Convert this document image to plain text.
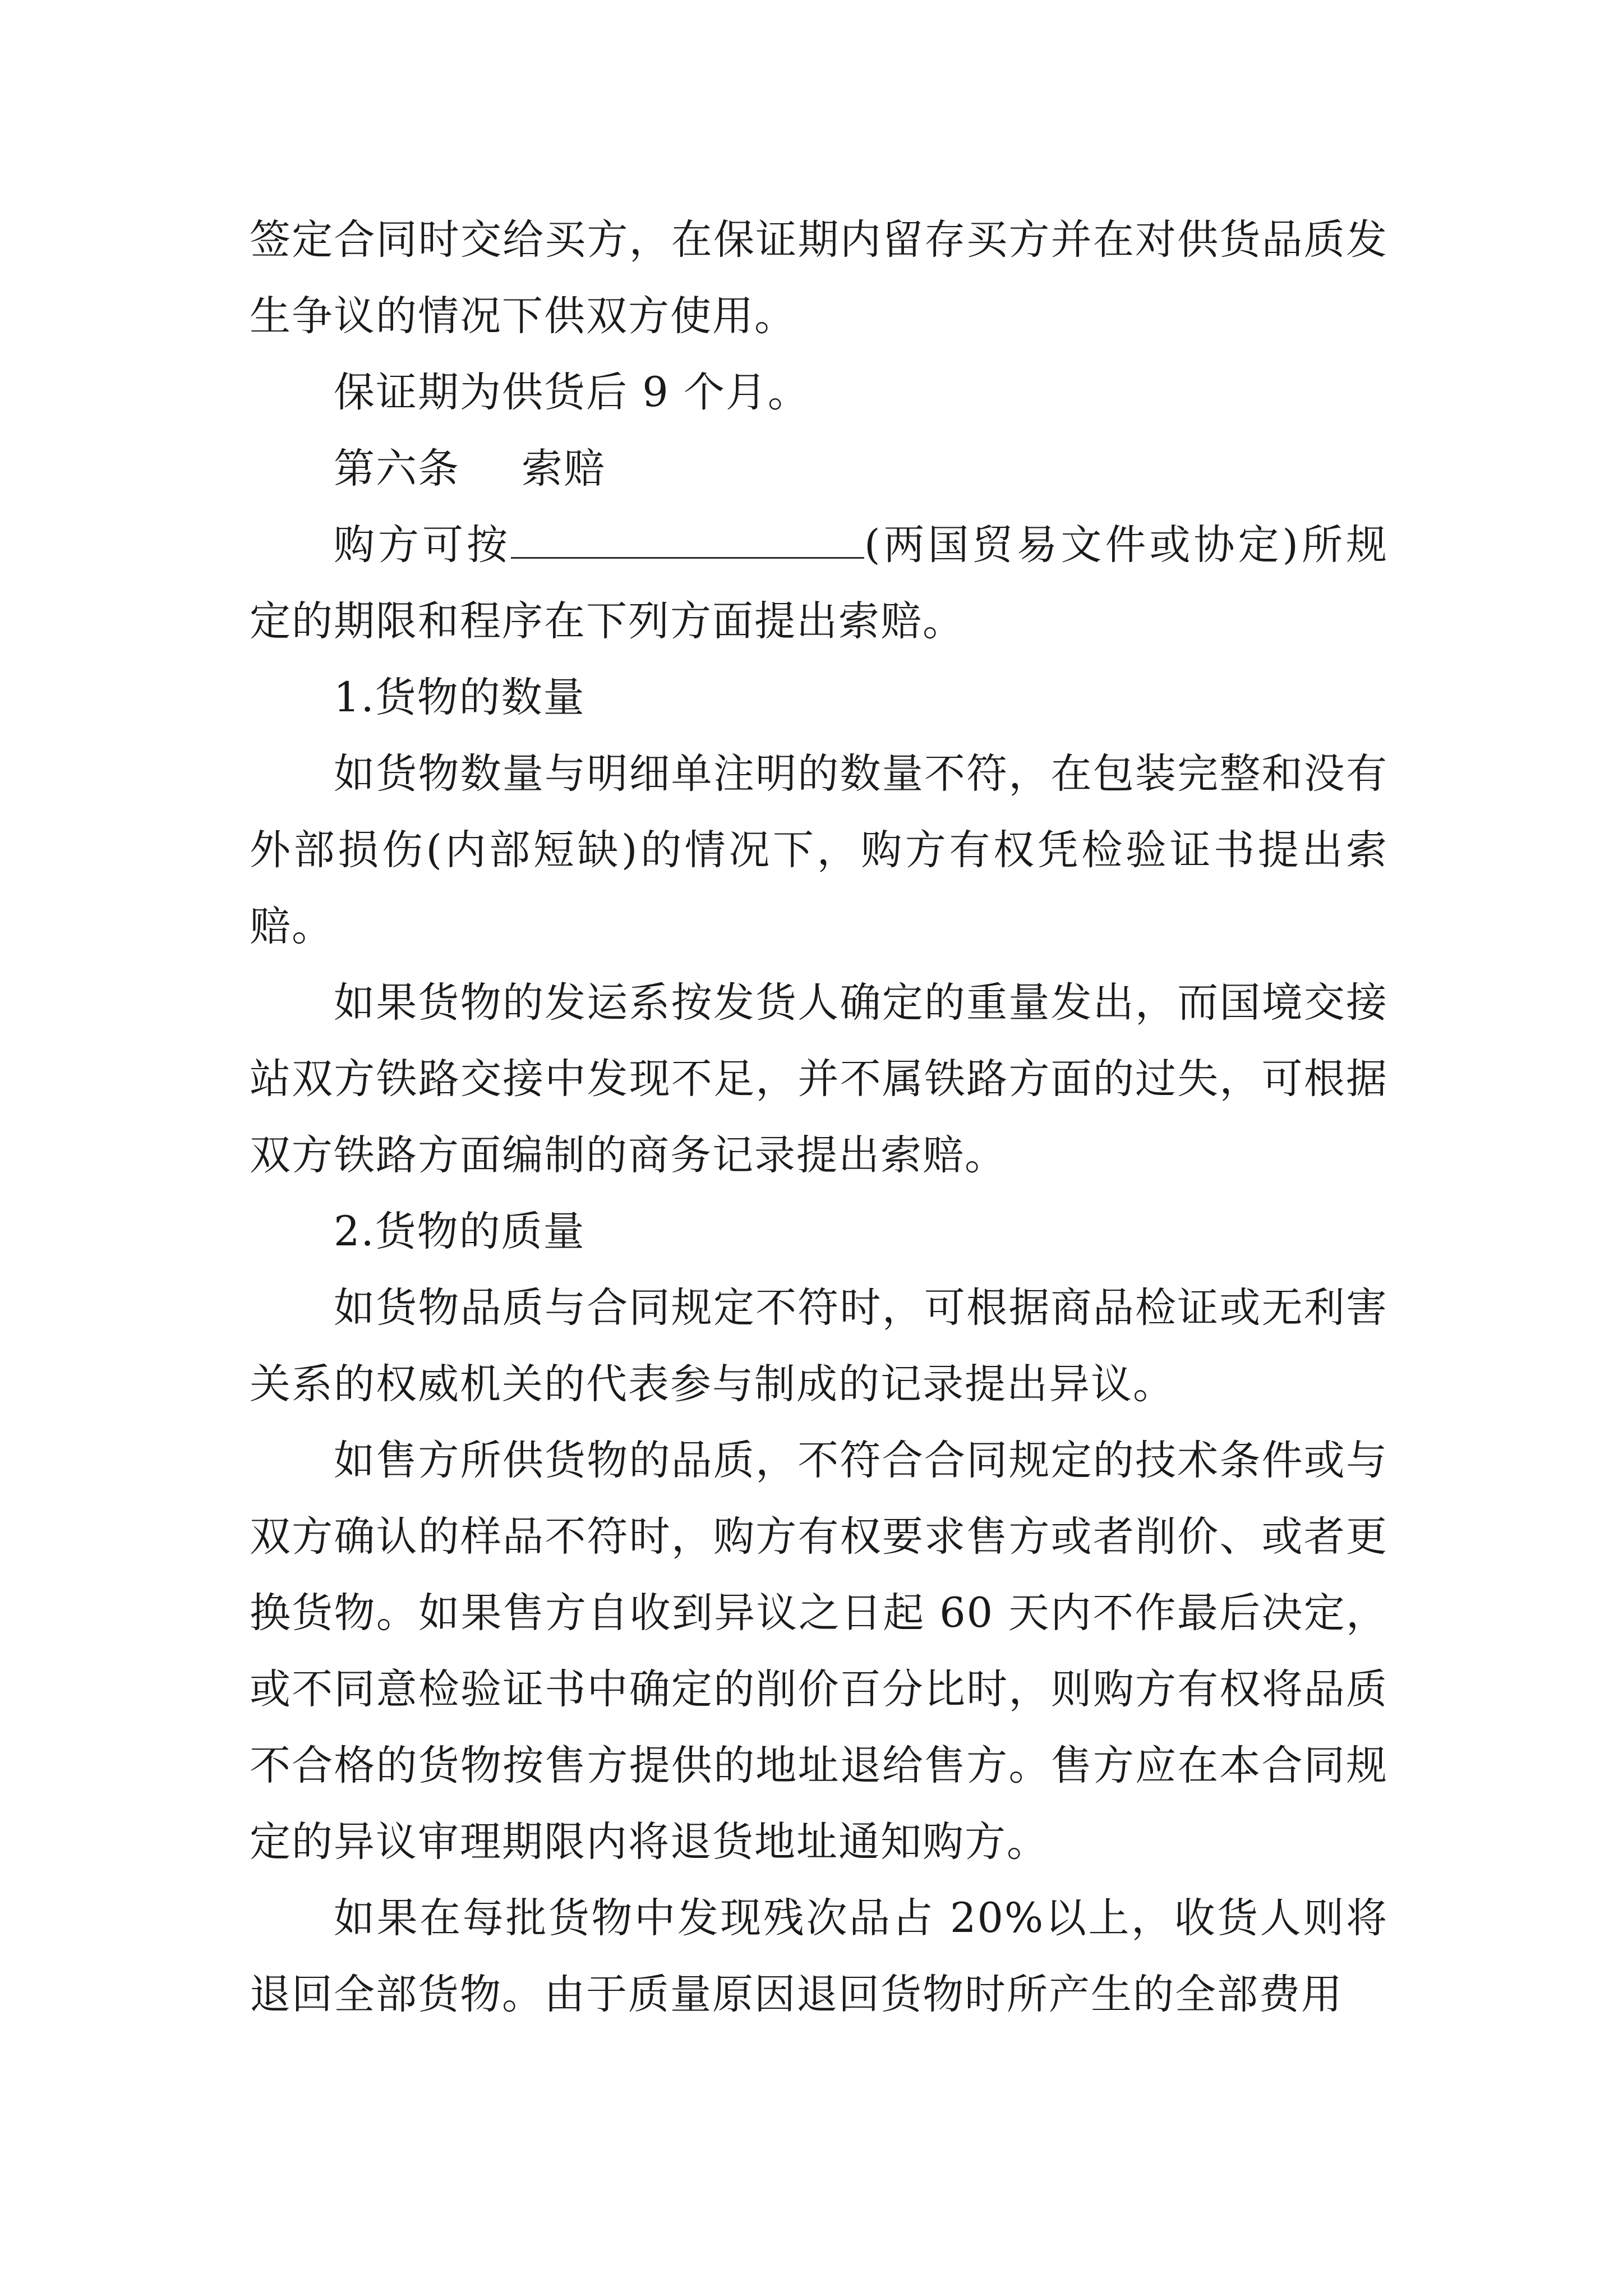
签定合同时交给买方，在保证期内留存买方并在对供货品质发生争议的情况下供双方使用。

保证期为供货后 9 个月。

第六条 索赔

购方可按	(两国贸易文件或协定)所规定的期限和程序在下列方面提出索赔。

1.货物的数量

如货物数量与明细单注明的数量不符，在包装完整和没有外部损伤(内部短缺)的情况下，购方有权凭检验证书提出索赔。

如果货物的发运系按发货人确定的重量发出，而国境交接站双方铁路交接中发现不足，并不属铁路方面的过失，可根据双方铁路方面编制的商务记录提出索赔。

2.货物的质量

如货物品质与合同规定不符时，可根据商品检证或无利害关系的权威机关的代表参与制成的记录提出异议。

如售方所供货物的品质，不符合合同规定的技术条件或与双方确认的样品不符时，购方有权要求售方或者削价、或者更换货物。如果售方自收到异议之日起 60 天内不作最后决定，或不同意检验证书中确定的削价百分比时，则购方有权将品质不合格的货物按售方提供的地址退给售方。售方应在本合同规定的异议审理期限内将退货地址通知购方。

如果在每批货物中发现残次品占 20%以上，收货人则将退回全部货物。由于质量原因退回货物时所产生的全部费用
